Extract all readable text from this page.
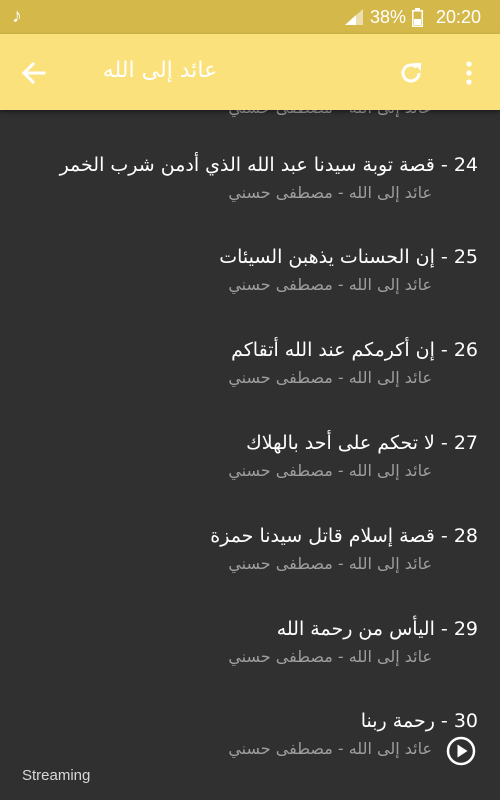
♪	38% 20:20
عائد إلى الله
24 - قصة توبة سيدنا عبد الله الذي أدمن شرب الخمر
عائد إلى الله - مصطفى حسني
25 - إن الحسنات يذهبن السيئات
عائد إلى الله - مصطفى حسني
26 - إن أكرمكم عند الله أتقاكم
عائد إلى الله - مصطفى حسني
27 - لا تحكم على أحد بالهلاك
عائد إلى الله - مصطفى حسني
28 - قصة إسلام قاتل سيدنا حمزة
عائد إلى الله - مصطفى حسني
29 - اليأس من رحمة الله
عائد إلى الله - مصطفى حسني
30 - رحمة ربنا
عائد إلى الله - مصطفى حسني
Streaming
